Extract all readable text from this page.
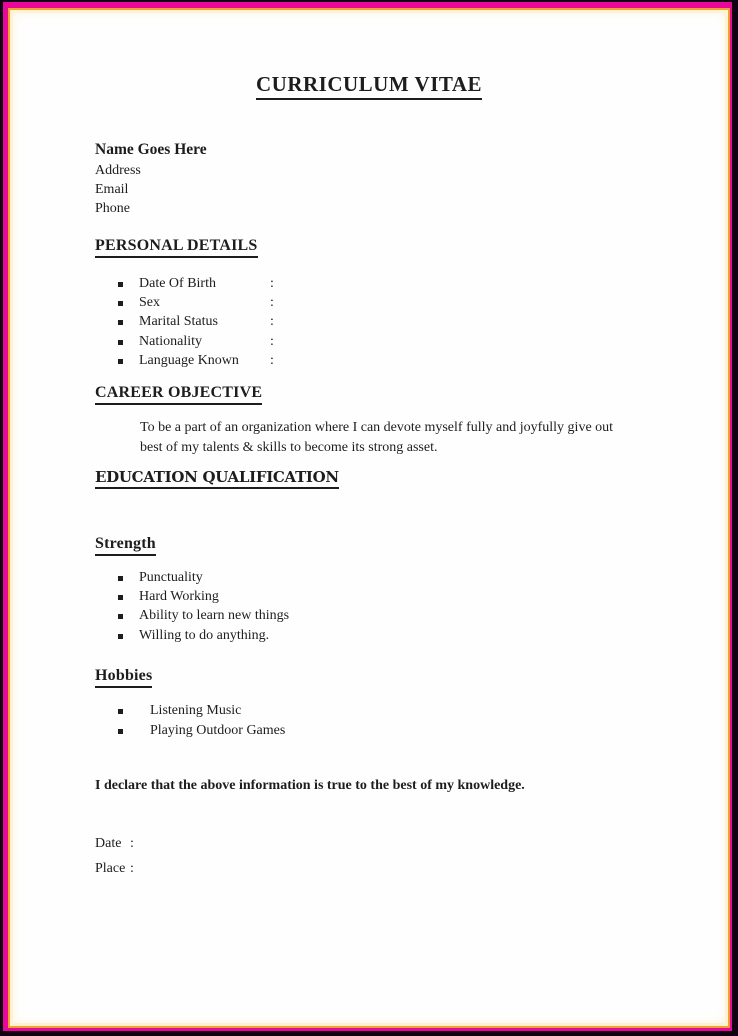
CURRICULUM VITAE
Name Goes Here
Address
Email
Phone
PERSONAL DETAILS
Date Of Birth	:
Sex	:
Marital Status	:
Nationality	:
Language Known :
CAREER OBJECTIVE
To be a part of an organization where I can devote myself fully and joyfully give out
best of my talents & skills to become its strong asset.
EDUCATION QUALIFICATION
Strength
Punctuality
Hard Working
Ability to learn new things
Willing to do anything.
Hobbies
Listening Music
Playing Outdoor Games
I declare that the above information is true to the best of my knowledge.
Date :
Place :
